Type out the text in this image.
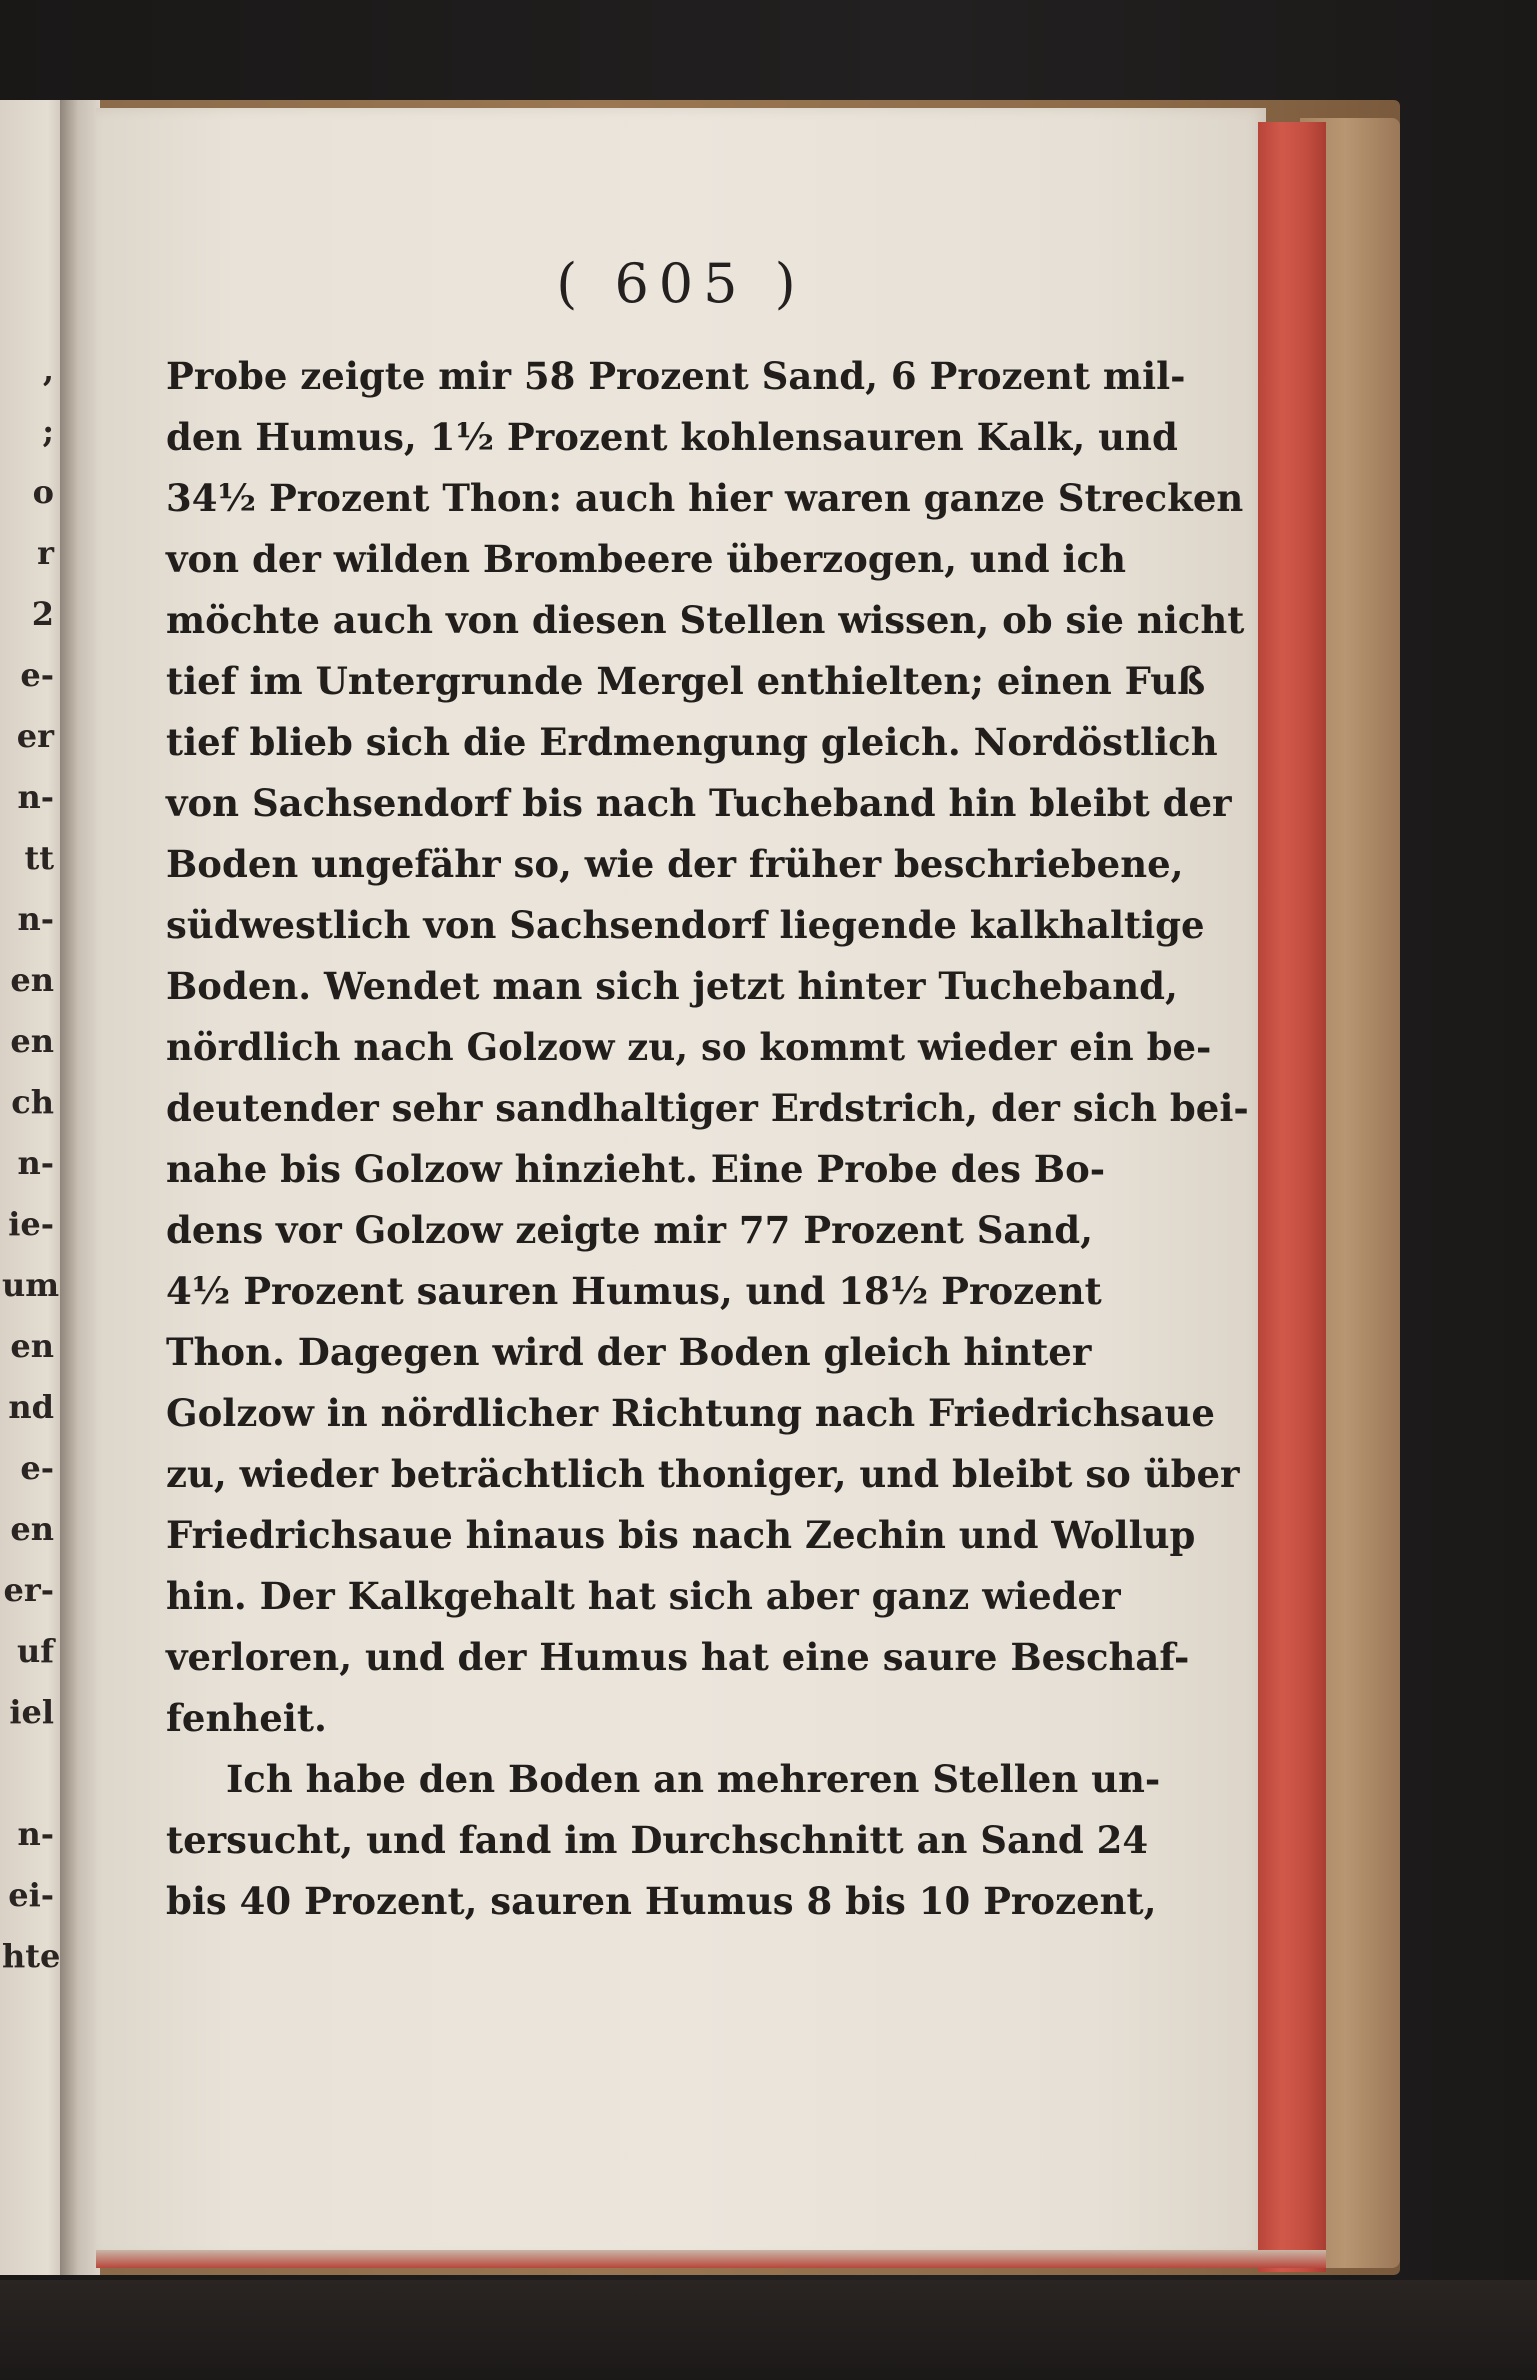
,
;
o
r
2
e-
er
n-
tt
n-
en
en
ch
n-
ie-
um
en
nd
e-
en
er-
uf
iel
n-
ei-
hte
( 605 )
Probe zeigte mir 58 Prozent Sand, 6 Prozent mil-
den Humus, 1½ Prozent kohlensauren Kalk, und
34½ Prozent Thon: auch hier waren ganze Strecken
von der wilden Brombeere überzogen, und ich
möchte auch von diesen Stellen wissen, ob sie nicht
tief im Untergrunde Mergel enthielten; einen Fuß
tief blieb sich die Erdmengung gleich. Nordöstlich
von Sachsendorf bis nach Tucheband hin bleibt der
Boden ungefähr so, wie der früher beschriebene,
südwestlich von Sachsendorf liegende kalkhaltige
Boden. Wendet man sich jetzt hinter Tucheband,
nördlich nach Golzow zu, so kommt wieder ein be-
deutender sehr sandhaltiger Erdstrich, der sich bei-
nahe bis Golzow hinzieht. Eine Probe des Bo-
dens vor Golzow zeigte mir 77 Prozent Sand,
4½ Prozent sauren Humus, und 18½ Prozent
Thon. Dagegen wird der Boden gleich hinter
Golzow in nördlicher Richtung nach Friedrichsaue
zu, wieder beträchtlich thoniger, und bleibt so über
Friedrichsaue hinaus bis nach Zechin und Wollup
hin. Der Kalkgehalt hat sich aber ganz wieder
verloren, und der Humus hat eine saure Beschaf-
fenheit.
Ich habe den Boden an mehreren Stellen un-
tersucht, und fand im Durchschnitt an Sand 24
bis 40 Prozent, sauren Humus 8 bis 10 Prozent,
